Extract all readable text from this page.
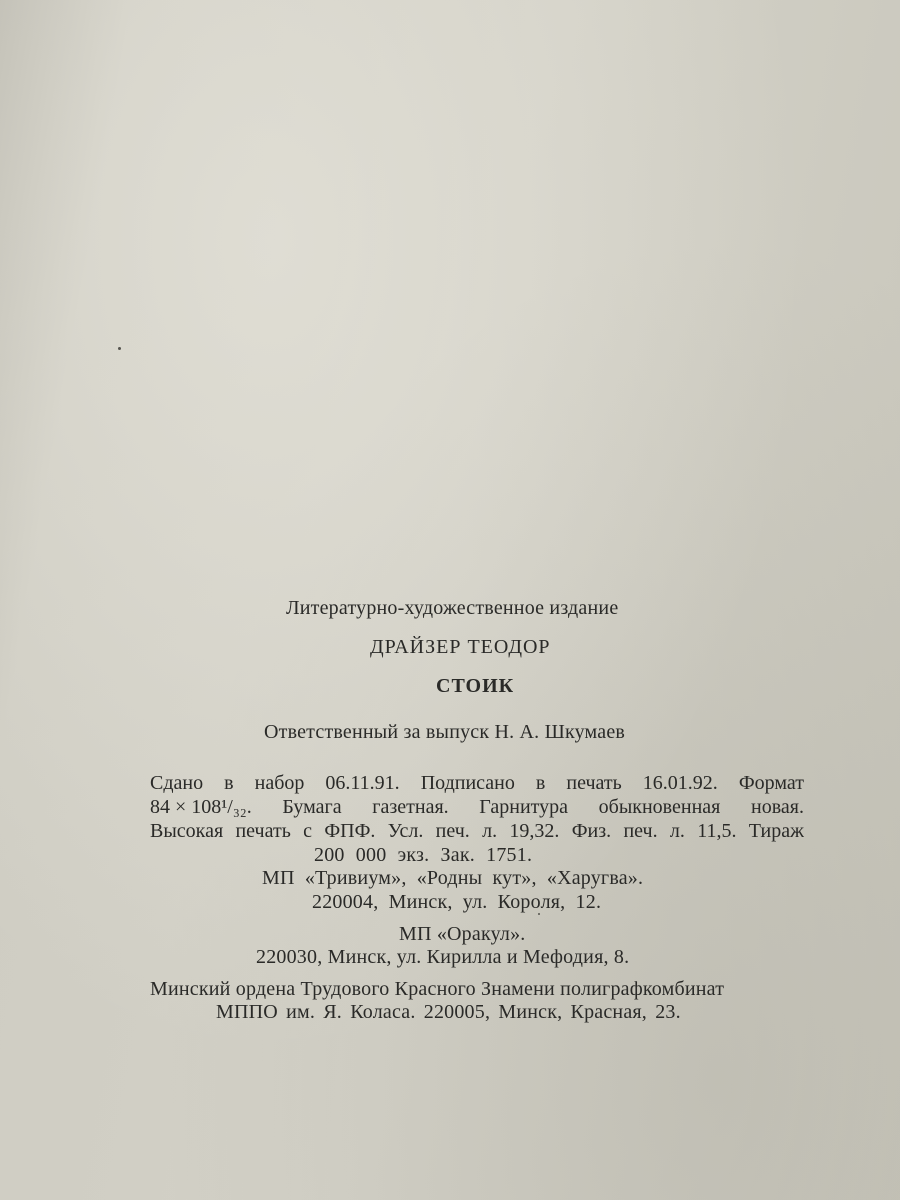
Литературно-художественное издание
ДРАЙЗЕР ТЕОДОР
СТОИК
Ответственный за выпуск Н. А. Шкумаев
Сдано в набор 06.11.91. Подписано в печать 16.01.92. Формат
84 × 108¹/₃₂. Бумага газетная. Гарнитура обыкновенная новая.
Высокая печать с ФПФ. Усл. печ. л. 19,32. Физ. печ. л. 11,5. Тираж
200 000 экз. Зак. 1751.
МП «Тривиум», «Родны кут», «Харугва».
220004, Минск, ул. Короля, 12.
МП «Оракул».
220030, Минск, ул. Кирилла и Мефодия, 8.
Минский ордена Трудового Красного Знамени полиграфкомбинат
МППО им. Я. Коласа. 220005, Минск, Красная, 23.
